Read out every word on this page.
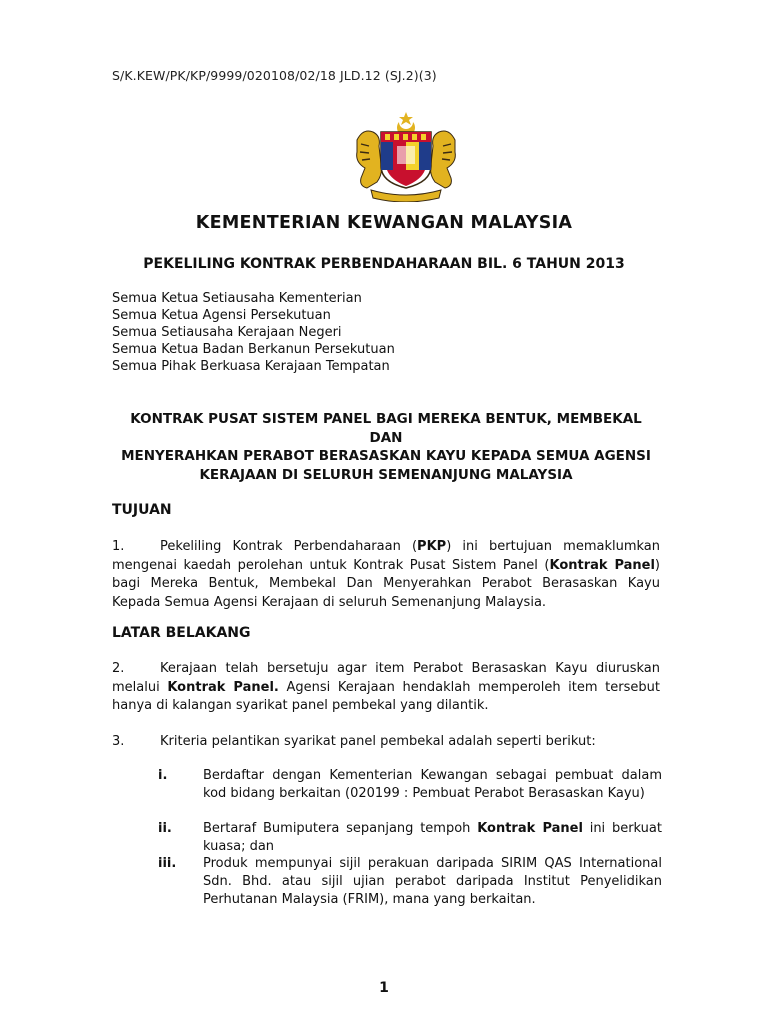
S/K.KEW/PK/KP/9999/020108/02/18 JLD.12 (SJ.2)(3)
KEMENTERIAN KEWANGAN MALAYSIA
PEKELILING KONTRAK PERBENDAHARAAN BIL. 6 TAHUN 2013
Semua Ketua Setiausaha Kementerian
Semua Ketua Agensi Persekutuan
Semua Setiausaha Kerajaan Negeri
Semua Ketua Badan Berkanun Persekutuan
Semua Pihak Berkuasa Kerajaan Tempatan
KONTRAK PUSAT SISTEM PANEL BAGI MEREKA BENTUK, MEMBEKAL DAN
MENYERAHKAN PERABOT BERASASKAN KAYU KEPADA SEMUA AGENSI
KERAJAAN DI SELURUH SEMENANJUNG MALAYSIA
TUJUAN
1.	Pekeliling Kontrak Perbendaharaan (PKP) ini bertujuan memaklumkan mengenai kaedah perolehan untuk Kontrak Pusat Sistem Panel (Kontrak Panel) bagi Mereka Bentuk, Membekal Dan Menyerahkan Perabot Berasaskan Kayu Kepada Semua Agensi Kerajaan di seluruh Semenanjung Malaysia.
LATAR BELAKANG
2.	Kerajaan telah bersetuju agar item Perabot Berasaskan Kayu diuruskan melalui Kontrak Panel. Agensi Kerajaan hendaklah memperoleh item tersebut hanya di kalangan syarikat panel pembekal yang dilantik.
3.	Kriteria pelantikan syarikat panel pembekal adalah seperti berikut:
i.	Berdaftar dengan Kementerian Kewangan sebagai pembuat dalam kod bidang berkaitan (020199 : Pembuat Perabot Berasaskan Kayu)
ii. Bertaraf Bumiputera sepanjang tempoh Kontrak Panel ini berkuat kuasa; dan
iii. Produk mempunyai sijil perakuan daripada SIRIM QAS International Sdn. Bhd. atau sijil ujian perabot daripada Institut Penyelidikan Perhutanan Malaysia (FRIM), mana yang berkaitan.
1
